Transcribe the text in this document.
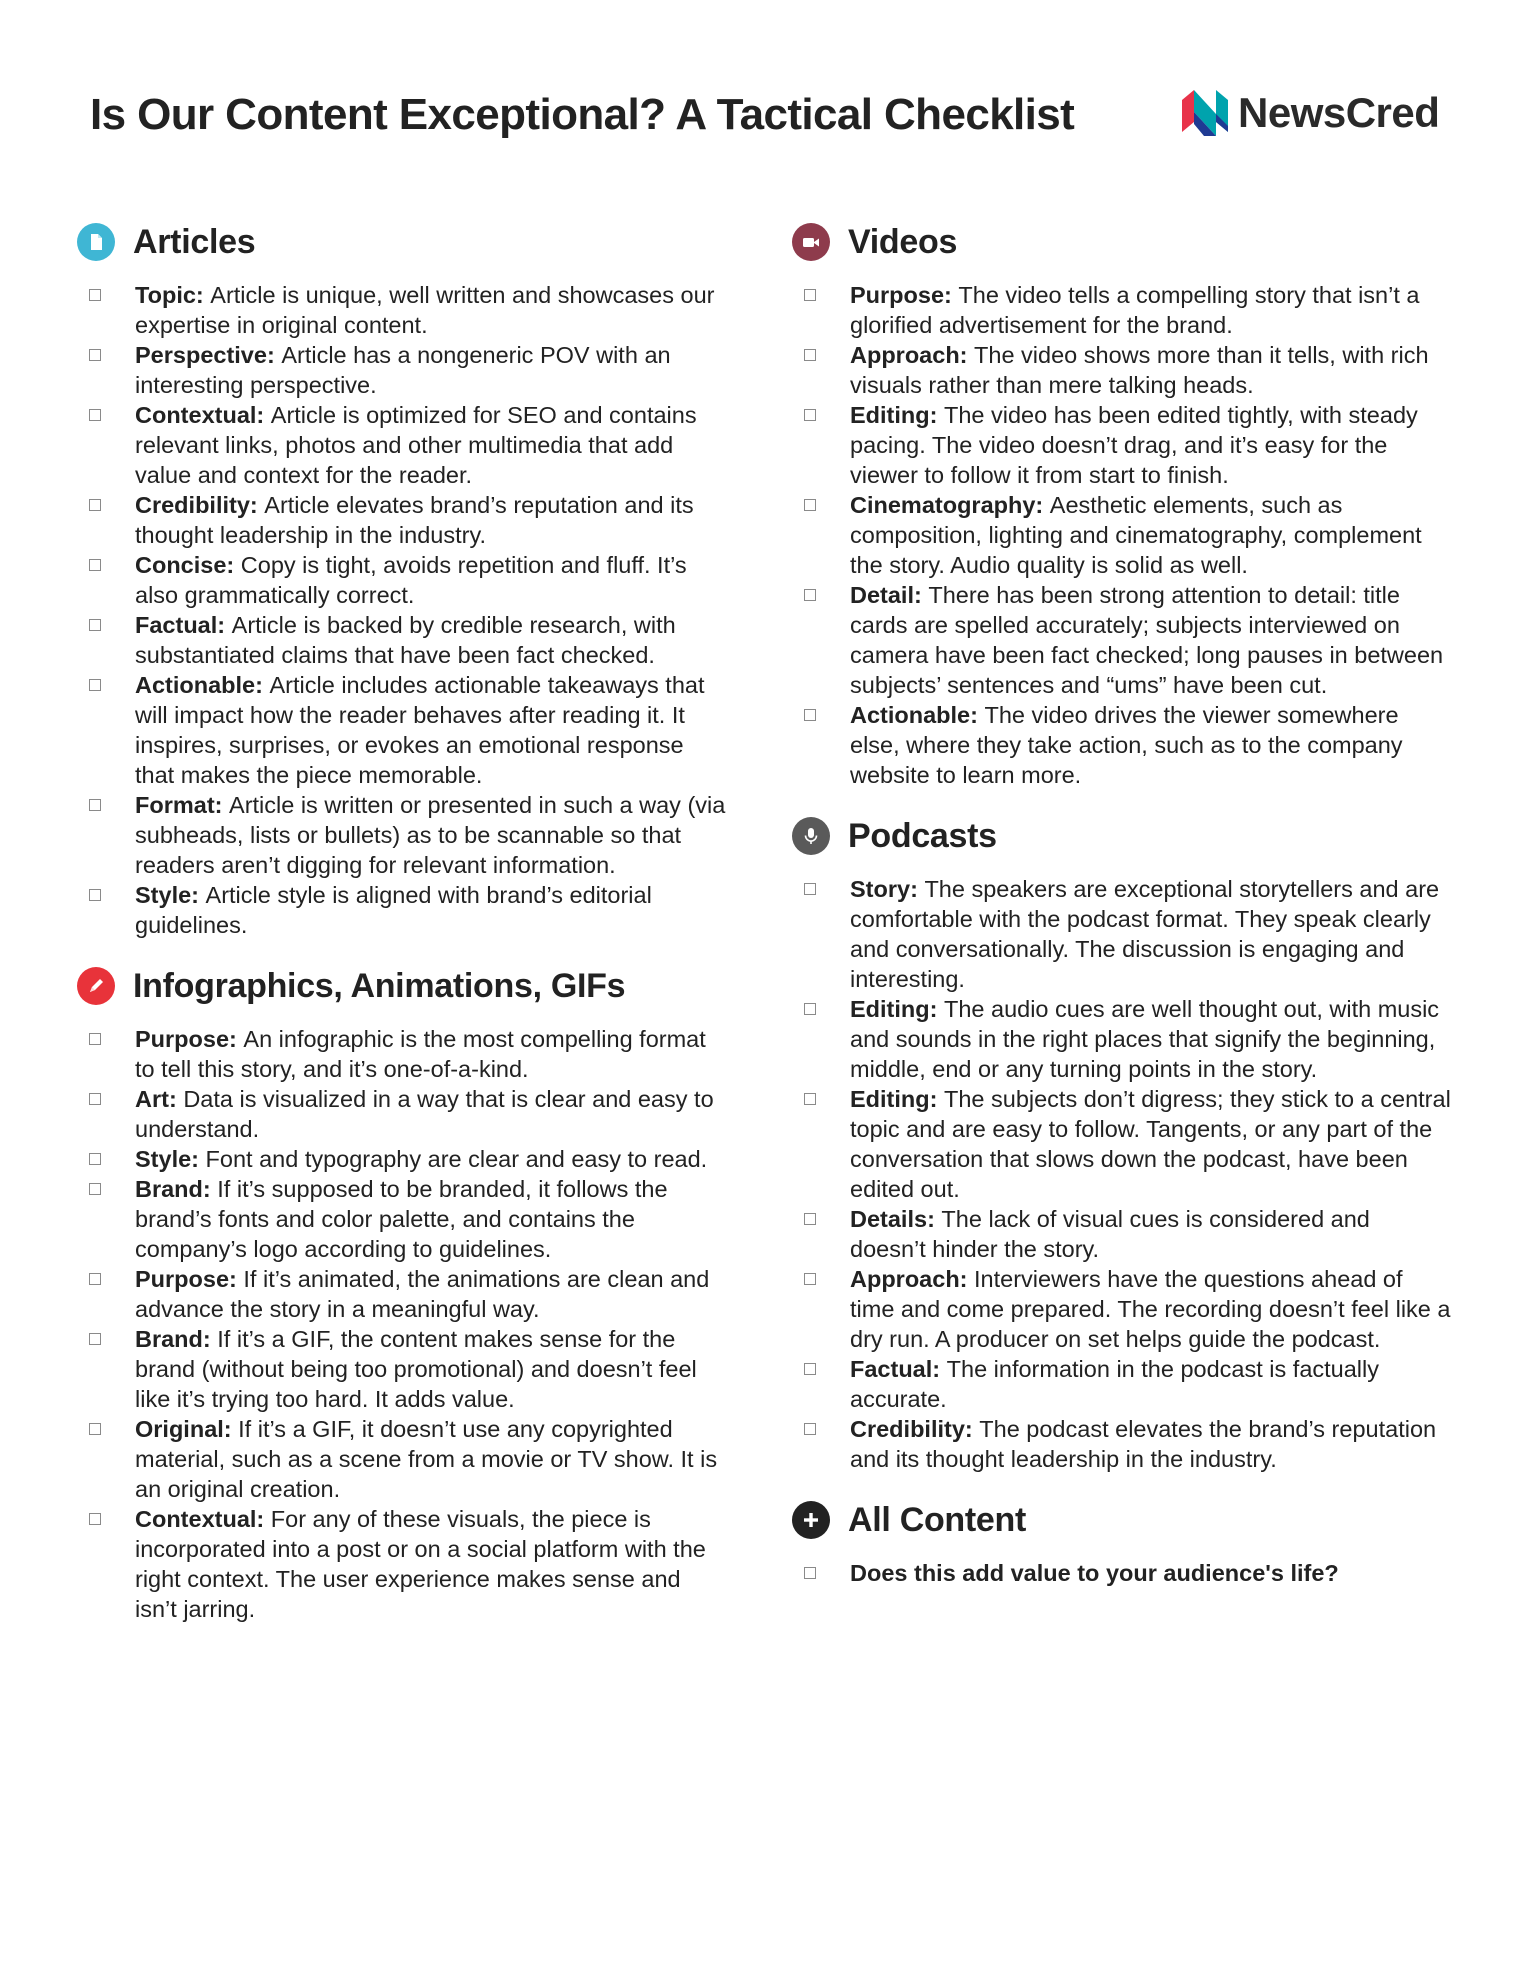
Is Our Content Exceptional? A Tactical Checklist	NewsCred
Articles
Topic: Article is unique, well written and showcases our expertise in original content.
Perspective: Article has a nongeneric POV with an interesting perspective.
Contextual: Article is optimized for SEO and contains relevant links, photos and other multimedia that add value and context for the reader.
Credibility: Article elevates brand’s reputation and its thought leadership in the industry.
Concise: Copy is tight, avoids repetition and fluff. It’s also grammatically correct.
Factual: Article is backed by credible research, with substantiated claims that have been fact checked.
Actionable: Article includes actionable takeaways that will impact how the reader behaves after reading it. It inspires, surprises, or evokes an emotional response that makes the piece memorable.
Format: Article is written or presented in such a way (via subheads, lists or bullets) as to be scannable so that readers aren’t digging for relevant information.
Style: Article style is aligned with brand’s editorial guidelines.
Infographics, Animations, GIFs
Purpose: An infographic is the most compelling format to tell this story, and it’s one-of-a-kind.
Art: Data is visualized in a way that is clear and easy to understand.
Style: Font and typography are clear and easy to read.
Brand: If it’s supposed to be branded, it follows the brand’s fonts and color palette, and contains the company’s logo according to guidelines.
Purpose: If it’s animated, the animations are clean and advance the story in a meaningful way.
Brand: If it’s a GIF, the content makes sense for the brand (without being too promotional) and doesn’t feel like it’s trying too hard. It adds value.
Original: If it’s a GIF, it doesn’t use any copyrighted material, such as a scene from a movie or TV show. It is an original creation.
Contextual: For any of these visuals, the piece is incorporated into a post or on a social platform with the right context. The user experience makes sense and isn’t jarring.
Videos
Purpose: The video tells a compelling story that isn’t a glorified advertisement for the brand.
Approach: The video shows more than it tells, with rich visuals rather than mere talking heads.
Editing: The video has been edited tightly, with steady pacing. The video doesn’t drag, and it’s easy for the viewer to follow it from start to finish.
Cinematography: Aesthetic elements, such as composition, lighting and cinematography, complement the story. Audio quality is solid as well.
Detail: There has been strong attention to detail: title cards are spelled accurately; subjects interviewed on camera have been fact checked; long pauses in between subjects’ sentences and “ums” have been cut.
Actionable: The video drives the viewer somewhere else, where they take action, such as to the company website to learn more.
Podcasts
Story: The speakers are exceptional storytellers and are comfortable with the podcast format. They speak clearly and conversationally. The discussion is engaging and interesting.
Editing: The audio cues are well thought out, with music and sounds in the right places that signify the beginning, middle, end or any turning points in the story.
Editing: The subjects don’t digress; they stick to a central topic and are easy to follow. Tangents, or any part of the conversation that slows down the podcast, have been edited out.
Details: The lack of visual cues is considered and doesn’t hinder the story.
Approach: Interviewers have the questions ahead of time and come prepared. The recording doesn’t feel like a dry run. A producer on set helps guide the podcast.
Factual: The information in the podcast is factually accurate.
Credibility: The podcast elevates the brand’s reputation and its thought leadership in the industry.
All Content
Does this add value to your audience's life?
